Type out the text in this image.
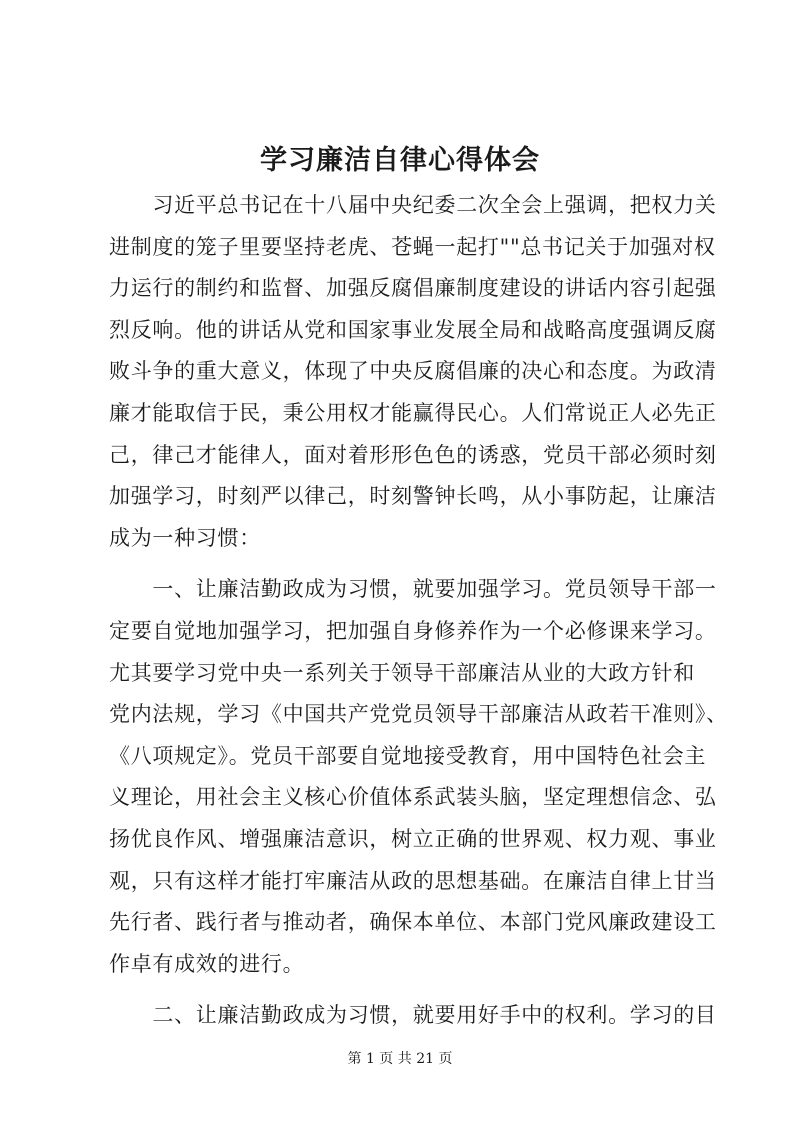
学习廉洁自律心得体会
　　习近平总书记在十八届中央纪委二次全会上强调，把权力关
进制度的笼子里要坚持老虎、苍蝇一起打""总书记关于加强对权
力运行的制约和监督、加强反腐倡廉制度建设的讲话内容引起强
烈反响。他的讲话从党和国家事业发展全局和战略高度强调反腐
败斗争的重大意义，体现了中央反腐倡廉的决心和态度。为政清
廉才能取信于民，秉公用权才能赢得民心。人们常说正人必先正
己，律己才能律人，面对着形形色色的诱惑，党员干部必须时刻
加强学习，时刻严以律己，时刻警钟长鸣，从小事防起，让廉洁
成为一种习惯：
　　一、让廉洁勤政成为习惯，就要加强学习。党员领导干部一
定要自觉地加强学习，把加强自身修养作为一个必修课来学习。
尤其要学习党中央一系列关于领导干部廉洁从业的大政方针和
党内法规，学习《中国共产党党员领导干部廉洁从政若干准则》、
《八项规定》。党员干部要自觉地接受教育，用中国特色社会主
义理论，用社会主义核心价值体系武装头脑，坚定理想信念、弘
扬优良作风、增强廉洁意识，树立正确的世界观、权力观、事业
观，只有这样才能打牢廉洁从政的思想基础。在廉洁自律上甘当
先行者、践行者与推动者，确保本单位、本部门党风廉政建设工
作卓有成效的进行。
　　二、让廉洁勤政成为习惯，就要用好手中的权利。学习的目
第 1 页 共 21 页
